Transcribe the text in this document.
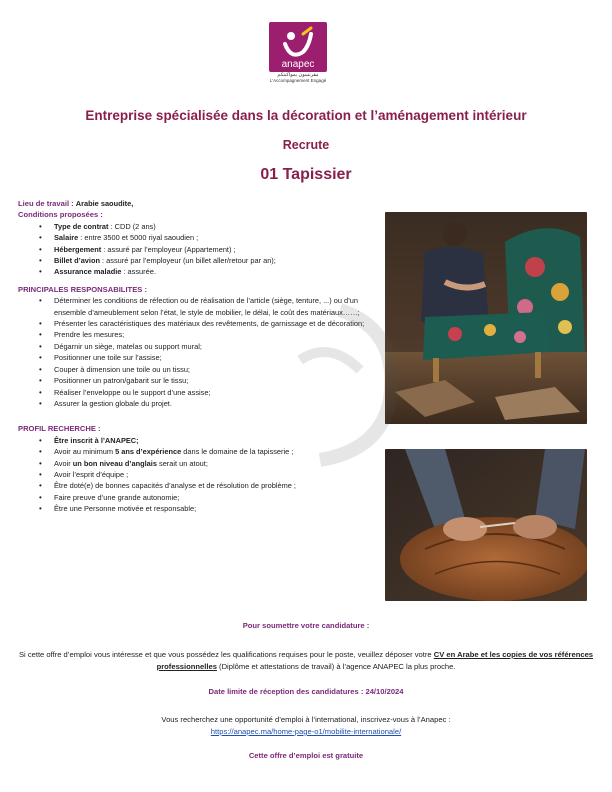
anapec
مقرنسون بمواكبتكم
L'Accompagnement Engagé
Entreprise spécialisée dans la décoration et l’aménagement intérieur
Recrute
01 Tapissier
Lieu de travail : Arabie saoudite,
Conditions proposées :
• Type de contrat : CDD (2 ans)
• Salaire : entre 3500 et 5000 riyal saoudien ;
• Hébergement : assuré par l’employeur (Appartement) ;
• Billet d’avion : assuré par l’employeur (un billet aller/retour par an);
• Assurance maladie : assurée.
PRINCIPALES RESPONSABILITES :
• Déterminer les conditions de réfection ou de réalisation de l’article (siège, tenture, ...) ou d’un ensemble d’ameublement selon l’état, le style de mobilier, le délai, le coût des matériaux……;
• Présenter les caractéristiques des matériaux des revêtements, de garnissage et de décoration;
• Prendre les mesures;
• Dégarnir un siège, matelas ou support mural;
• Positionner une toile sur l’assise;
• Couper à dimension une toile ou un tissu;
• Positionner un patron/gabarit sur le tissu;
• Réaliser l’enveloppe ou le support d’une assise;
• Assurer la gestion globale du projet.
PROFIL RECHERCHE :
• Être inscrit à l’ANAPEC;
• Avoir au minimum 5 ans d’expérience dans le domaine de la tapisserie ;
• Avoir un bon niveau d’anglais serait un atout;
• Avoir l’esprit d’équipe ;
• Être doté(e) de bonnes capacités d’analyse et de résolution de problème ;
• Faire preuve d’une grande autonomie;
• Être une Personne motivée et responsable;
Pour soumettre votre candidature :
Si cette offre d’emploi vous intéresse et que vous possédez les qualifications requises pour le poste, veuillez déposer votre CV en Arabe et les copies de vos références professionnelles (Diplôme et attestations de travail) à l’agence ANAPEC la plus proche.
Date limite de réception des candidatures : 24/10/2024
Vous recherchez une opportunité d’emploi à l’international, inscrivez-vous à l’Anapec :
https://anapec.ma/home-page-o1/mobilite-internationale/
Cette offre d’emploi est gratuite
